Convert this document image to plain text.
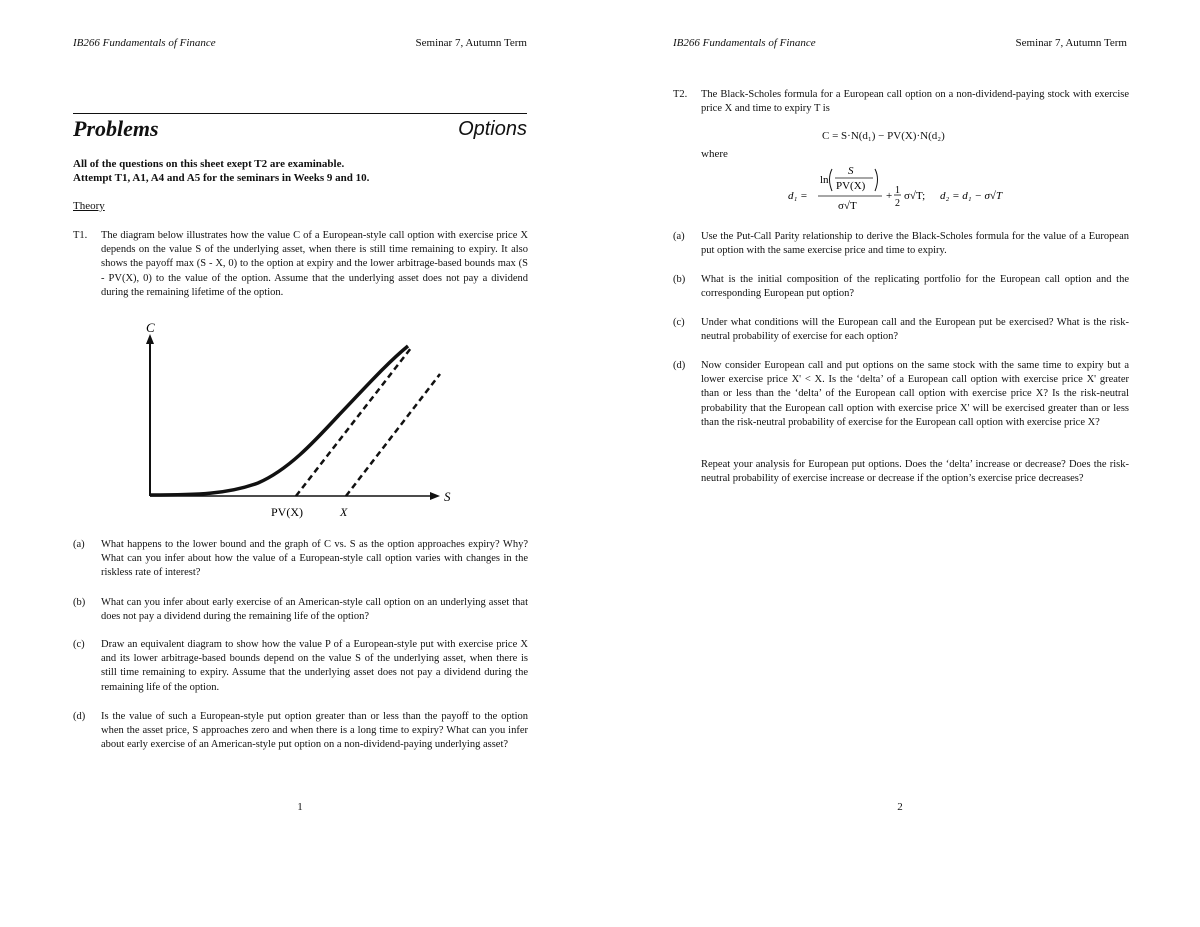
IB266 Fundamentals of Finance	Seminar 7, Autumn Term
Problems	Options
All of the questions on this sheet exept T2 are examinable.
Attempt T1, A1, A4 and A5 for the seminars in Weeks 9 and 10.
Theory
T1. The diagram below illustrates how the value C of a European-style call option with exercise price X depends on the value S of the underlying asset, when there is still time remaining to expiry. It also shows the payoff max (S - X, 0) to the option at expiry and the lower arbitrage-based bounds max (S - PV(X), 0) to the value of the option. Assume that the underlying asset does not pay a dividend during the remaining lifetime of the option.
C
S
PV(X)	X
(a) What happens to the lower bound and the graph of C vs. S as the option approaches expiry? Why? What can you infer about how the value of a European-style call option varies with changes in the riskless rate of interest?
(b) What can you infer about early exercise of an American-style call option on an underlying asset that does not pay a dividend during the remaining life of the option?
(c) Draw an equivalent diagram to show how the value P of a European-style put with exercise price X and its lower arbitrage-based bounds depend on the value S of the underlying asset, when there is still time remaining to expiry. Assume that the underlying asset does not pay a dividend during the remaining life of the option.
(d) Is the value of such a European-style put option greater than or less than the payoff to the option when the asset price, S approaches zero and when there is a long time to expiry? What can you infer about early exercise of an American-style put option on a non-dividend-paying underlying asset?
1
IB266 Fundamentals of Finance	Seminar 7, Autumn Term
T2. The Black-Scholes formula for a European call option on a non-dividend-paying stock with exercise price X and time to expiry T is
C = S·N(d₁) − PV(X)·N(d₂)
where
d₁ =
ln
S
PV(X)
σ√T
+ 1
2
σ√T; d₂ = d₁ − σ√T
(a) Use the Put-Call Parity relationship to derive the Black-Scholes formula for the value of a European put option with the same exercise price and time to expiry.
(b) What is the initial composition of the replicating portfolio for the European call option and the corresponding European put option?
(c) Under what conditions will the European call and the European put be exercised? What is the risk-neutral probability of exercise for each option?
(d) Now consider European call and put options on the same stock with the same time to expiry but a lower exercise price X' < X. Is the ‘delta’ of a European call option with exercise price X' greater than or less than the ‘delta’ of the European call option with exercise price X? Is the risk-neutral probability that the European call option with exercise price X' will be exercised greater than or less than the risk-neutral probability of exercise for the European call option with exercise price X?
Repeat your analysis for European put options. Does the ‘delta’ increase or decrease? Does the risk-neutral probability of exercise increase or decrease if the option’s exercise price decreases?
2
